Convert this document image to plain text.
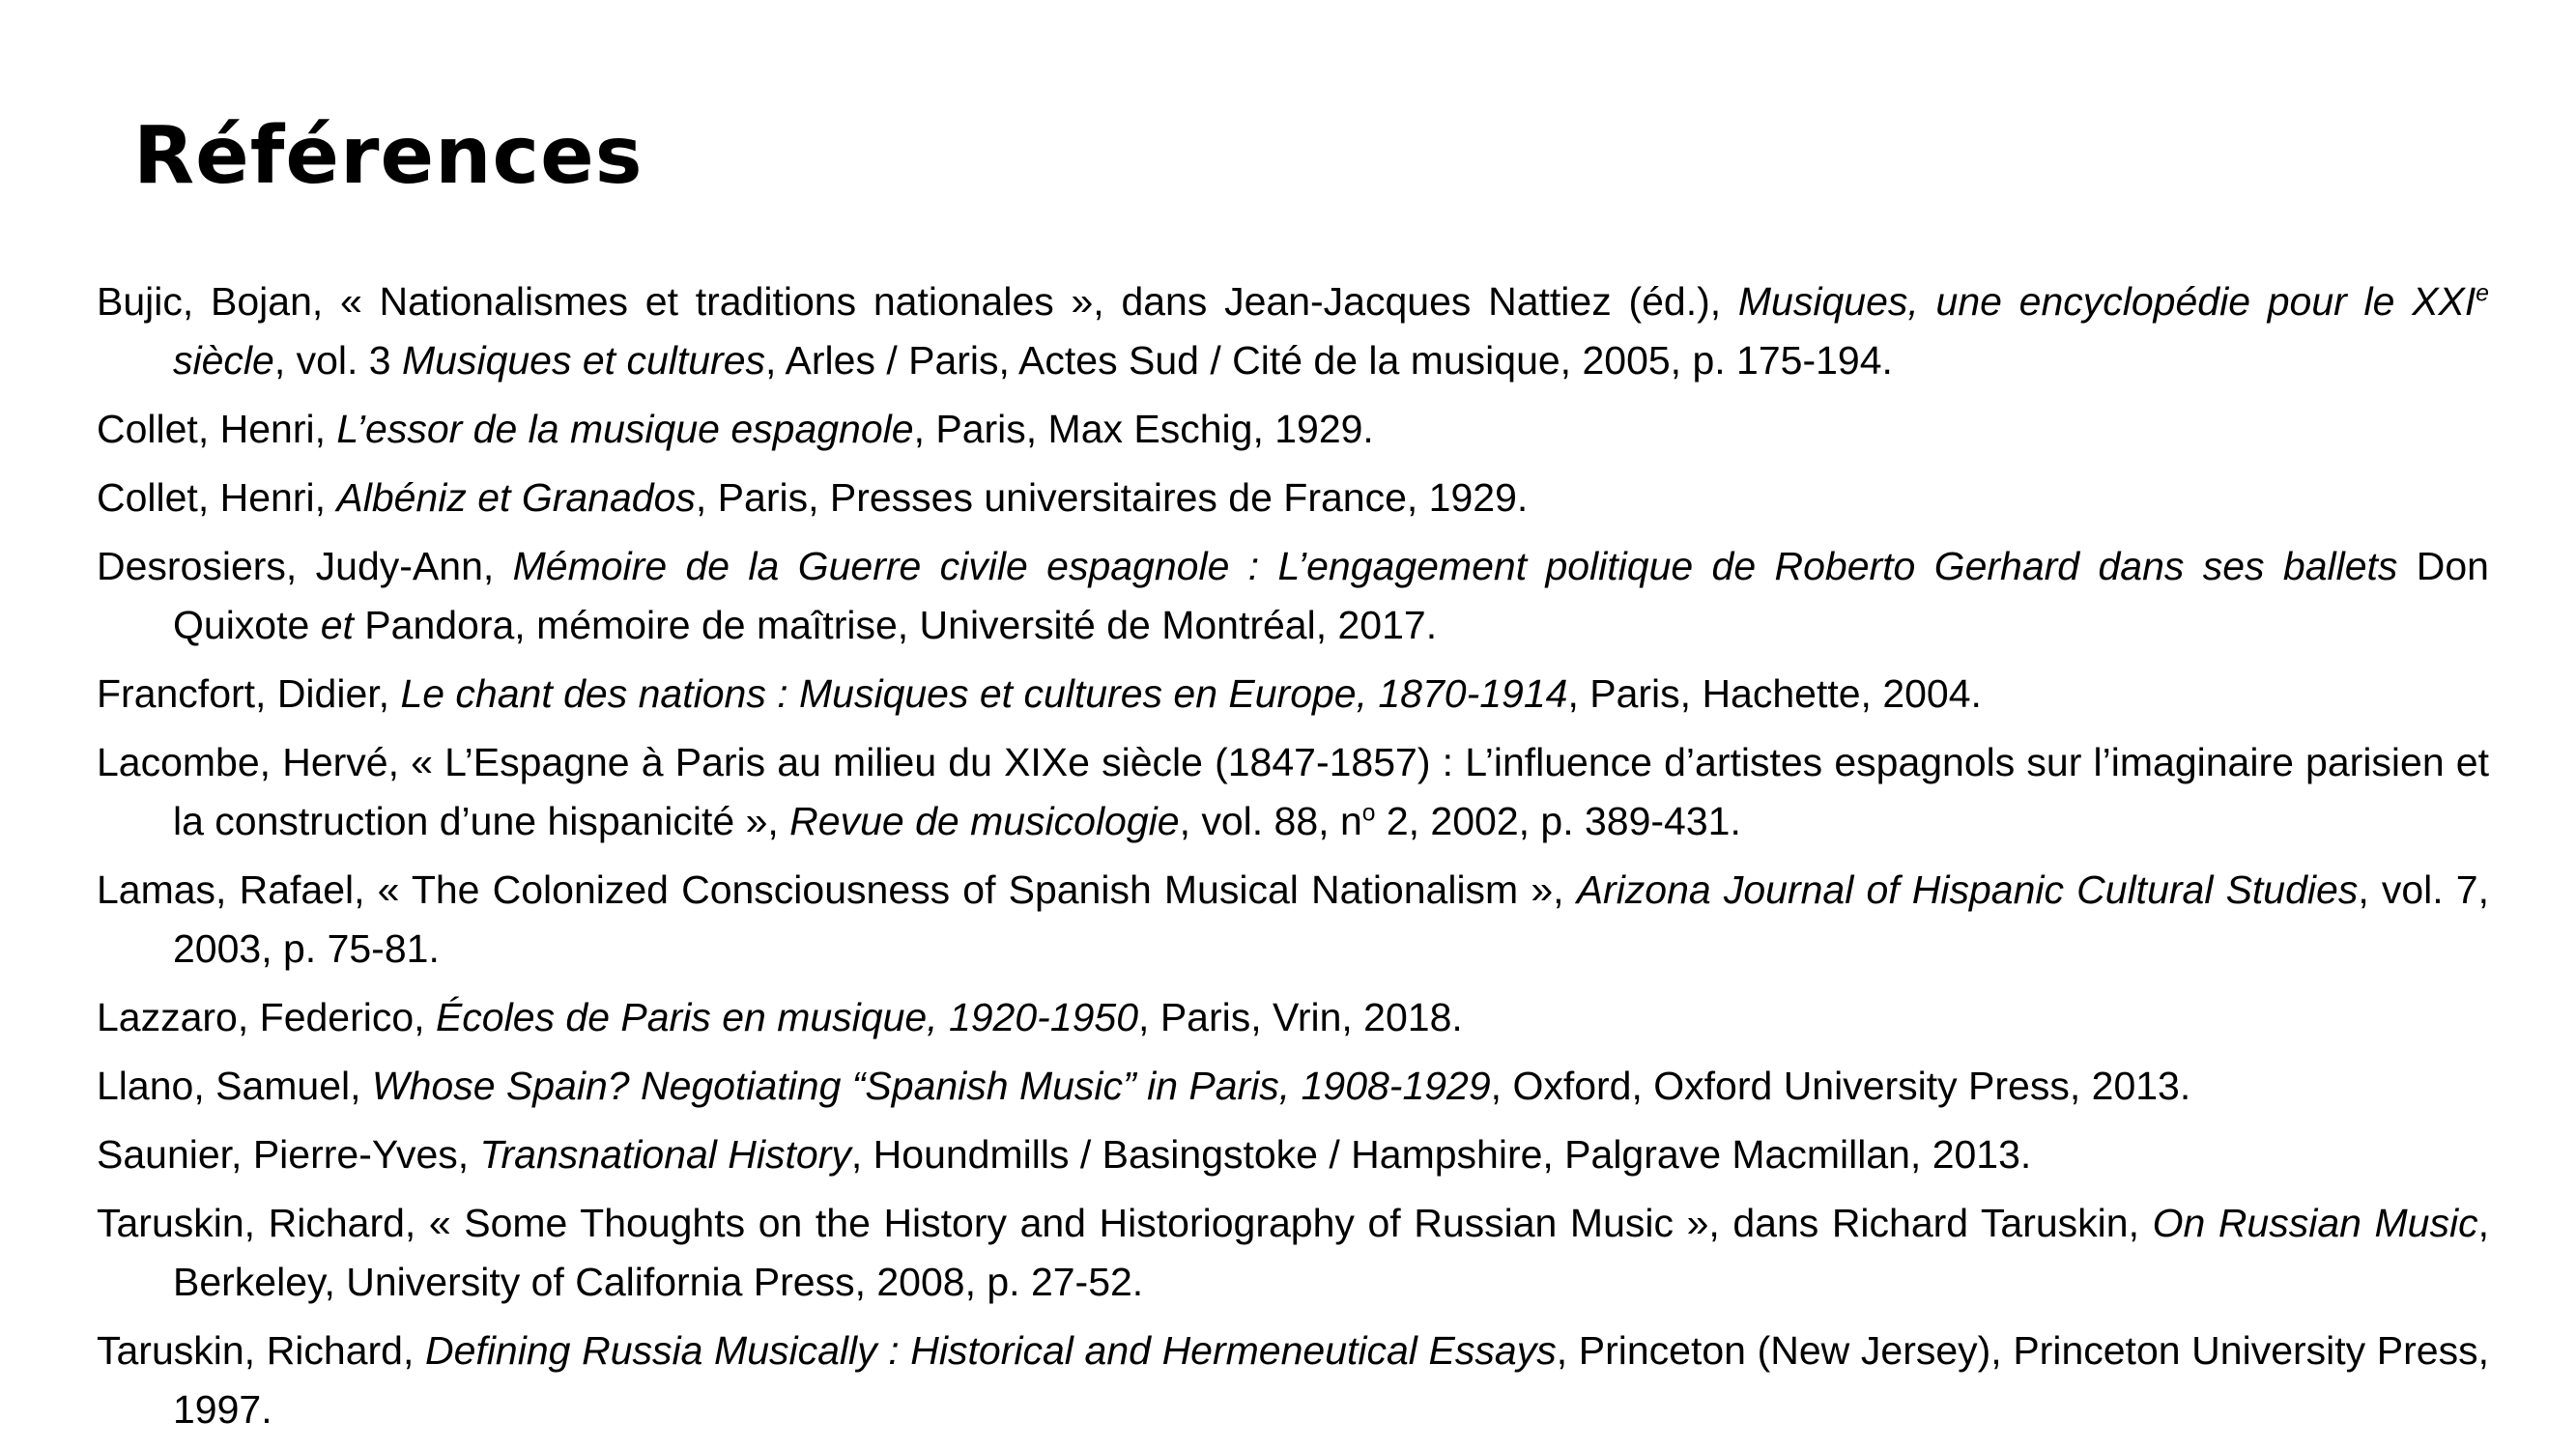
Références
Bujic, Bojan, « Nationalismes et traditions nationales », dans Jean-Jacques Nattiez (éd.), Musiques, une encyclopédie pour le XXIe siècle, vol. 3 Musiques et cultures, Arles / Paris, Actes Sud / Cité de la musique, 2005, p. 175-194.
Collet, Henri, L’essor de la musique espagnole, Paris, Max Eschig, 1929.
Collet, Henri, Albéniz et Granados, Paris, Presses universitaires de France, 1929.
Desrosiers, Judy-Ann, Mémoire de la Guerre civile espagnole : L’engagement politique de Roberto Gerhard dans ses ballets Don Quixote et Pandora, mémoire de maîtrise, Université de Montréal, 2017.
Francfort, Didier, Le chant des nations : Musiques et cultures en Europe, 1870-1914, Paris, Hachette, 2004.
Lacombe, Hervé, « L’Espagne à Paris au milieu du XIXe siècle (1847-1857) : L’influence d’artistes espagnols sur l’imaginaire parisien et la construction d’une hispanicité », Revue de musicologie, vol. 88, $n^o$ 2, 2002, p. 389-431.
Lamas, Rafael, « The Colonized Consciousness of Spanish Musical Nationalism », Arizona Journal of Hispanic Cultural Studies, vol. 7, 2003, p. 75-81.
Lazzaro, Federico, Écoles de Paris en musique, 1920-1950, Paris, Vrin, 2018.
Llano, Samuel, Whose Spain? Negotiating “Spanish Music” in Paris, 1908-1929, Oxford, Oxford University Press, 2013.
Saunier, Pierre-Yves, Transnational History, Houndmills / Basingstoke / Hampshire, Palgrave Macmillan, 2013.
Taruskin, Richard, « Some Thoughts on the History and Historiography of Russian Music », dans Richard Taruskin, On Russian Music, Berkeley, University of California Press, 2008, p. 27-52.
Taruskin, Richard, Defining Russia Musically : Historical and Hermeneutical Essays, Princeton (New Jersey), Princeton University Press, 1997.
